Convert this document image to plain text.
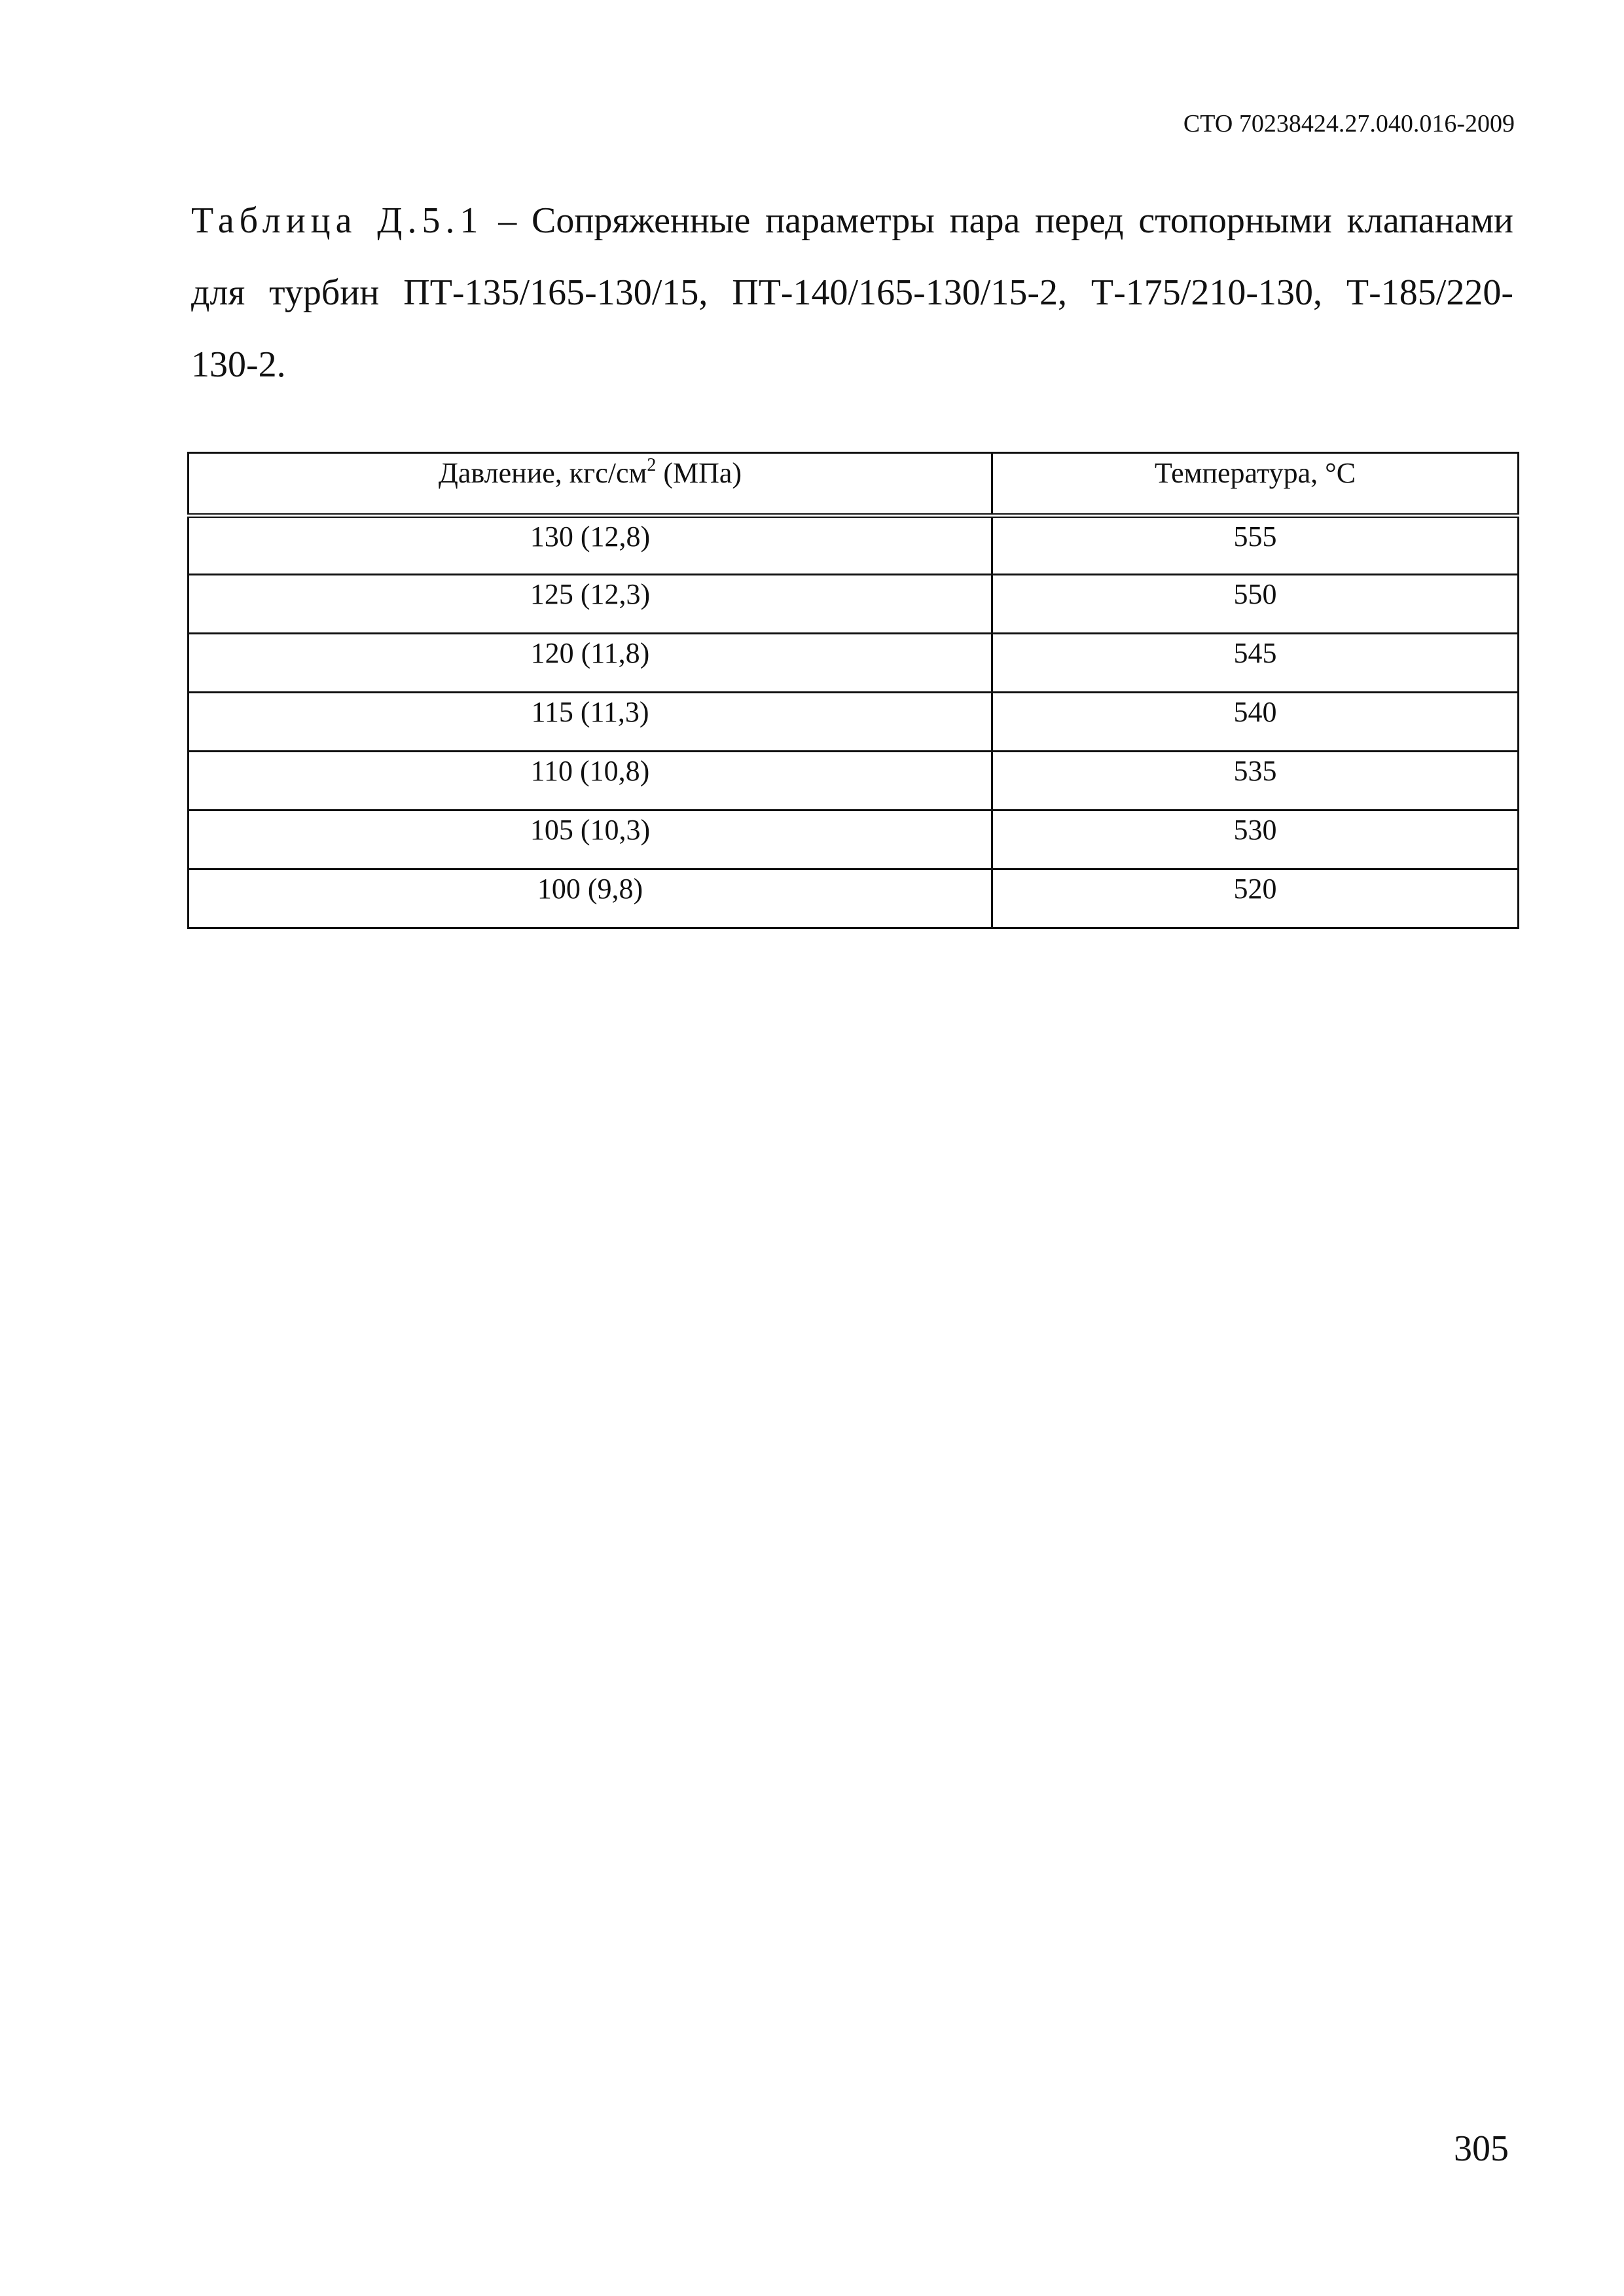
СТО 70238424.27.040.016-2009

Таблица Д.5.1 – Сопряженные параметры пара перед стопорными клапанами
для турбин ПТ-135/165-130/15, ПТ-140/165-130/15-2, Т-175/210-130, Т-185/220-
130-2.

Давление, кгс/$см^2$ (МПа)	Температура, °С
130 (12,8)	555
125 (12,3)	550
120 (11,8)	545
115 (11,3)	540
110 (10,8)	535
105 (10,3)	530
100 (9,8)	520
305
